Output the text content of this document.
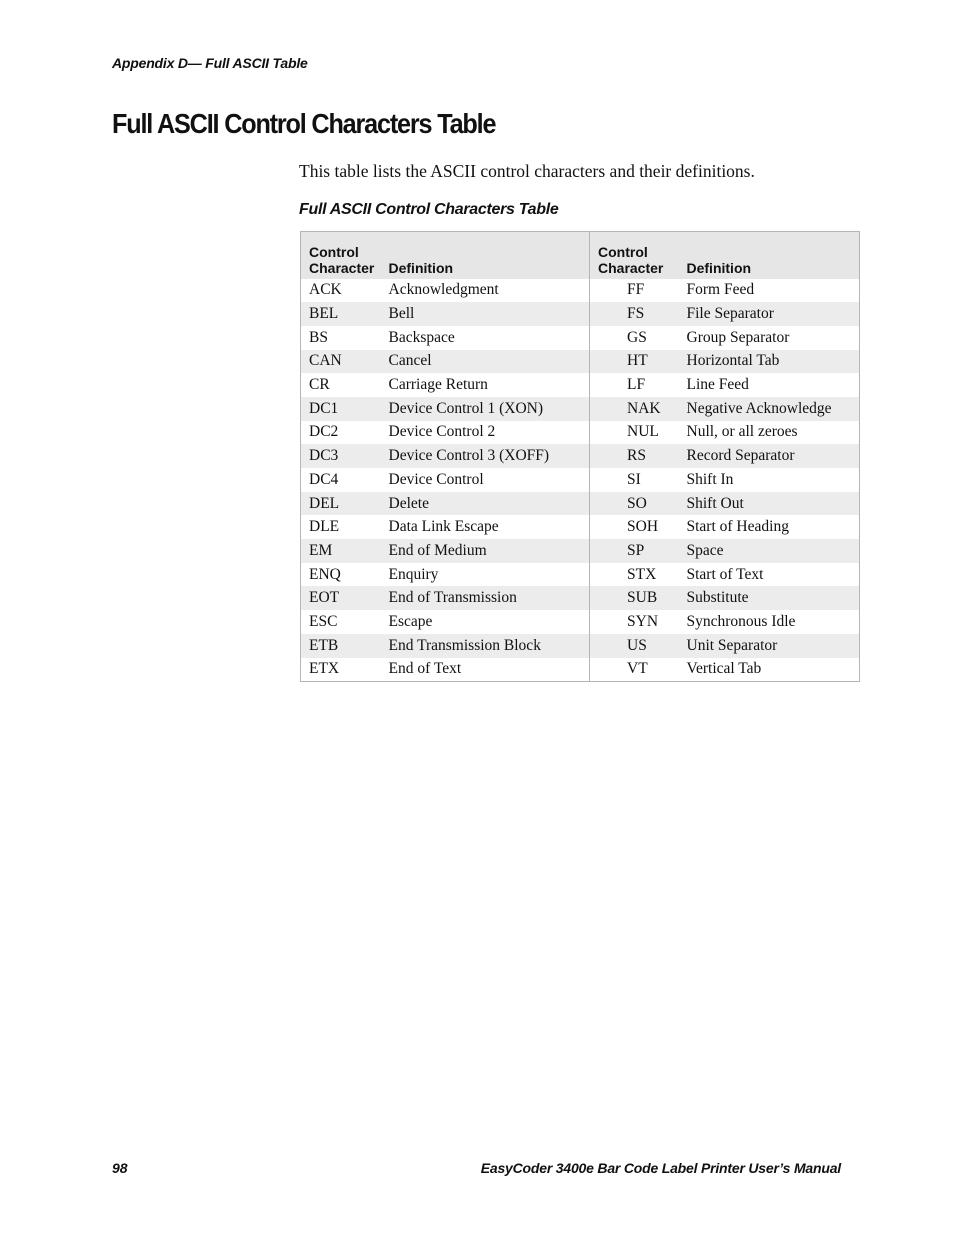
Appendix D— Full ASCII Table
Full ASCII Control Characters Table

This table lists the ASCII control characters and their definitions.

Full ASCII Control Characters Table
Control
Character	Definition	Control
Character	Definition
ACK	Acknowledgment	FF	Form Feed
BEL	Bell	FS	File Separator
BS	Backspace	GS	Group Separator
CAN	Cancel	HT	Horizontal Tab
CR	Carriage Return	LF	Line Feed
DC1	Device Control 1 (XON)	NAK	Negative Acknowledge
DC2	Device Control 2	NUL	Null, or all zeroes
DC3	Device Control 3 (XOFF)	RS	Record Separator
DC4	Device Control	SI	Shift In
DEL	Delete	SO	Shift Out
DLE	Data Link Escape	SOH	Start of Heading
EM	End of Medium	SP	Space
ENQ	Enquiry	STX	Start of Text
EOT	End of Transmission	SUB	Substitute
ESC	Escape	SYN	Synchronous Idle
ETB	End Transmission Block	US	Unit Separator
ETX	End of Text	VT	Vertical Tab
98	EasyCoder 3400e Bar Code Label Printer User’s Manual
